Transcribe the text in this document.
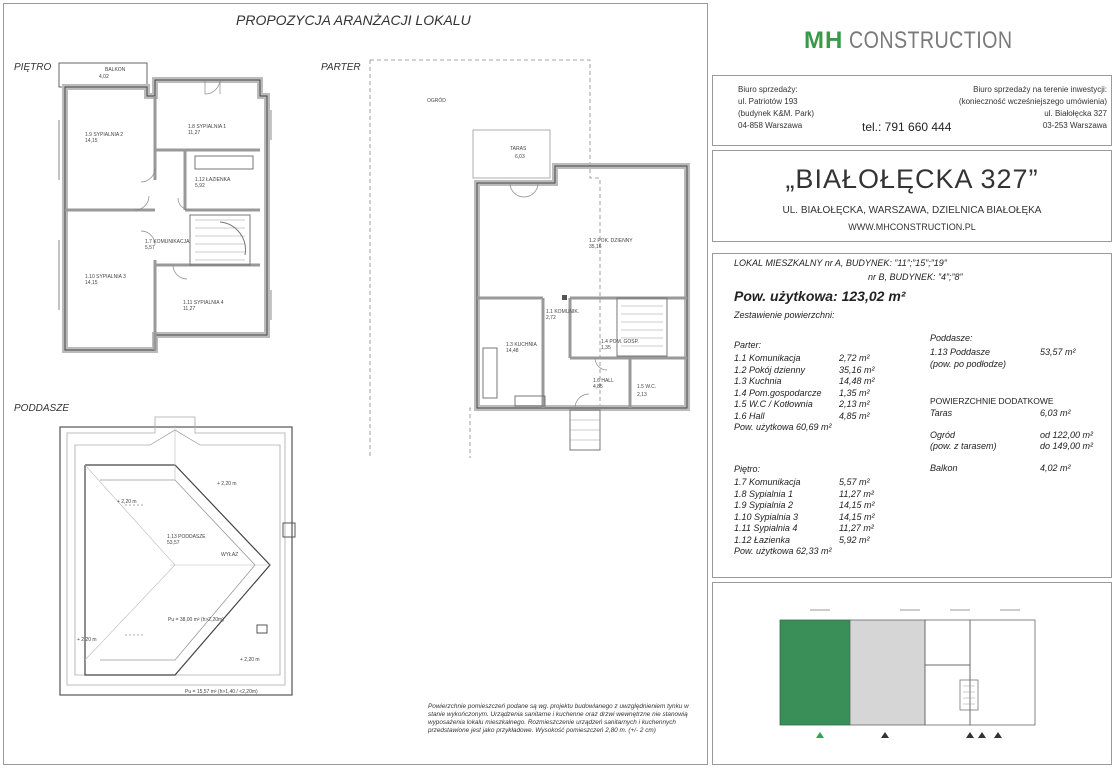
PROPOZYCJA ARANŻACJI LOKALU
MH CONSTRUCTION
Biuro sprzedaży:
ul. Patriotów 193
(budynek K&M. Park)
04-858 Warszawa
Biuro sprzedaży na terenie inwestycji:
(konieczność wcześniejszego umówienia)
ul. Białołęcka 327
03-253 Warszawa
tel.: 791 660 444
„BIAŁOŁĘCKA 327”
UL. BIAŁOŁĘCKA, WARSZAWA, DZIELNICA BIAŁOŁĘKA
WWW.MHCONSTRUCTION.PL
LOKAL MIESZKALNY nr A, BUDYNEK: ”11”;”15”;”19”
nr B, BUDYNEK: ”4”;”8”
Pow. użytkowa: 123,02 m²
Zestawienie powierzchni:
Parter:
1.1 Komunikacja	2,72 m²
1.2 Pokój dzienny	35,16 m²
1.3 Kuchnia	14,48 m²
1.4 Pom.gospodarcze 1,35 m²
1.5 W.C / Kotłownia	2,13 m²
1.6 Hall	4,85 m²
Pow. użytkowa 60,69 m²
Piętro:
1.7 Komunikacja	5,57 m²
1.8 Sypialnia 1	11,27 m²
1.9 Sypialnia 2	14,15 m²
1.10 Sypialnia 3	14,15 m²
1.11 Sypialnia 4	11,27 m²
1.12 Łazienka	5,92 m²
Pow. użytkowa 62,33 m²
Poddasze:
1.13 Poddasze	53,57 m²
(pow. po podłodze)
POWIERZCHNIE DODATKOWE
Taras	6,03 m²
Ogród	od 122,00 m²
(pow. z tarasem)	do 149,00 m²
Balkon	4,02 m²
PIĘTRO	PARTER
PODDASZE
BALKON
4,02
1.9 SYPIALNIA 2
14,15
1.8 SYPIALNIA 1
11,27
1.12 ŁAZIENKA
5,92
1.7 KOMUNIKACJA
5,57
1.10 SYPIALNIA 3
14,15
1.11 SYPIALNIA 4
11,27
OGRÓD
TARAS
6,03
1.2 POK. DZIENNY
35,16
1.1 KOMUNIK.
2,72
1.3 KUCHNIA
14,48
1.4 POM. GOSP.
1,35
1.6 HALL
4,85	1.5 W.C.
2,13
+ 2,20 m
+ 2,20 m
+ 2,20 m
+ 2,20 m
1.13 PODDASZE
53,57
WYŁAZ
Pu = 38,00 m² (h>2,20m)
Pu = 15,57 m² (h>1,40 / <2,20m)
Powierzchnie pomieszczeń podane są wg. projektu budowlanego z uwzględnieniem tynku w stanie wykończonym. Urządzenia sanitarne i kuchenne oraz drzwi wewnętrzne nie stanowią wyposażenia lokalu mieszkalnego. Rozmieszczenie urządzeń sanitarnych i kuchennych przedstawione jest jako przykładowe. Wysokość pomieszczeń 2,80 m. (+/- 2 cm)
